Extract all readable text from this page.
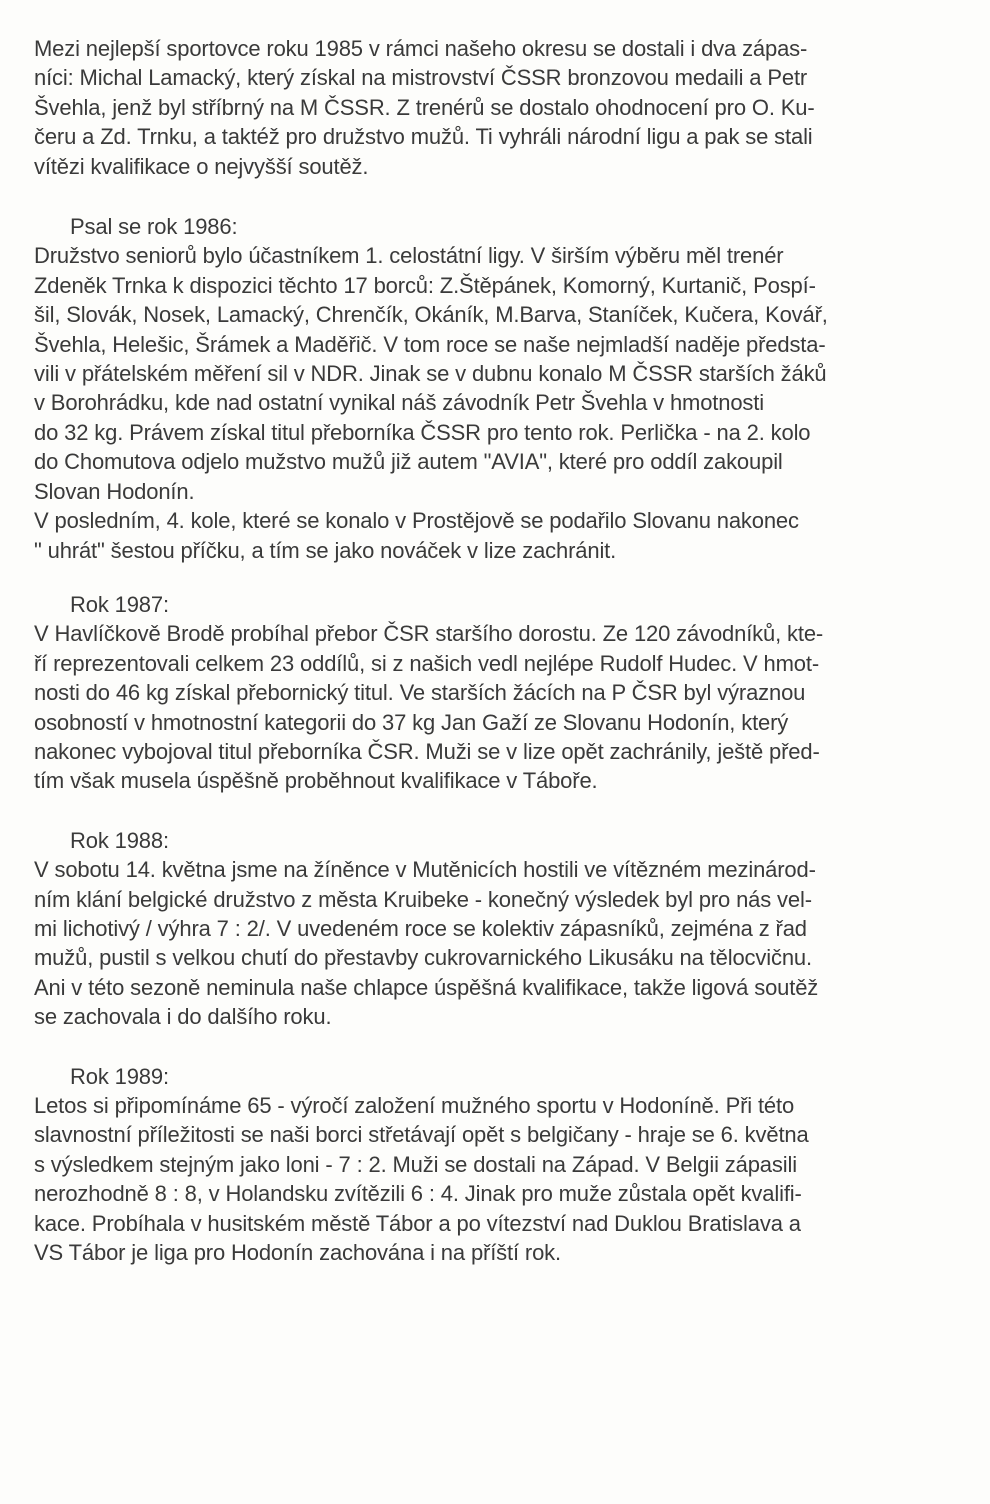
Mezi nejlepší sportovce roku 1985 v rámci našeho okresu se dostali i dva zápas-
níci: Michal Lamacký, který získal na mistrovství ČSSR bronzovou medaili a Petr
Švehla, jenž byl stříbrný na M ČSSR. Z trenérů se dostalo ohodnocení pro O. Ku-
čeru a Zd. Trnku, a taktéž pro družstvo mužů. Ti vyhráli národní ligu a pak se stali
vítězi kvalifikace o nejvyšší soutěž.
Psal se rok 1986:
Družstvo seniorů bylo účastníkem 1. celostátní ligy. V širším výběru měl trenér
Zdeněk Trnka k dispozici těchto 17 borců: Z.Štěpánek, Komorný, Kurtanič, Pospí-
šil, Slovák, Nosek, Lamacký, Chrenčík, Okáník, M.Barva, Staníček, Kučera, Kovář,
Švehla, Helešic, Šrámek a Maděřič. V tom roce se naše nejmladší naděje předsta-
vili v přátelském měření sil v NDR. Jinak se v dubnu konalo M ČSSR starších žáků
v Borohrádku, kde nad ostatní vynikal náš závodník Petr Švehla v hmotnosti
do 32 kg. Právem získal titul přeborníka ČSSR pro tento rok. Perlička - na 2. kolo
do Chomutova odjelo mužstvo mužů již autem "AVIA", které pro oddíl zakoupil
Slovan Hodonín.
V posledním, 4. kole, které se konalo v Prostějově se podařilo Slovanu nakonec
" uhrát" šestou příčku, a tím se jako nováček v lize zachránit.
Rok 1987:
V Havlíčkově Brodě probíhal přebor ČSR staršího dorostu. Ze 120 závodníků, kte-
ří reprezentovali celkem 23 oddílů, si z našich vedl nejlépe Rudolf Hudec. V hmot-
nosti do 46 kg získal přebornický titul. Ve starších žácích na P ČSR byl výraznou
osobností v hmotnostní kategorii do 37 kg Jan Gaží ze Slovanu Hodonín, který
nakonec vybojoval titul přeborníka ČSR. Muži se v lize opět zachránily, ještě před-
tím však musela úspěšně proběhnout kvalifikace v Táboře.
Rok 1988:
V sobotu 14. května jsme na žíněnce v Mutěnicích hostili ve vítězném mezinárod-
ním klání belgické družstvo z města Kruibeke - konečný výsledek byl pro nás vel-
mi lichotivý / výhra 7 : 2/. V uvedeném roce se kolektiv zápasníků, zejména z řad
mužů, pustil s velkou chutí do přestavby cukrovarnického Likusáku na tělocvičnu.
Ani v této sezoně neminula naše chlapce úspěšná kvalifikace, takže ligová soutěž
se zachovala i do dalšího roku.
Rok 1989:
Letos si připomínáme 65 - výročí založení mužného sportu v Hodoníně. Při této
slavnostní příležitosti se naši borci střetávají opět s belgičany - hraje se 6. května
s výsledkem stejným jako loni - 7 : 2. Muži se dostali na Západ. V Belgii zápasili
nerozhodně 8 : 8, v Holandsku zvítězili 6 : 4. Jinak pro muže zůstala opět kvalifi-
kace. Probíhala v husitském městě Tábor a po vítezství nad Duklou Bratislava a
VS Tábor je liga pro Hodonín zachována i na příští rok.
